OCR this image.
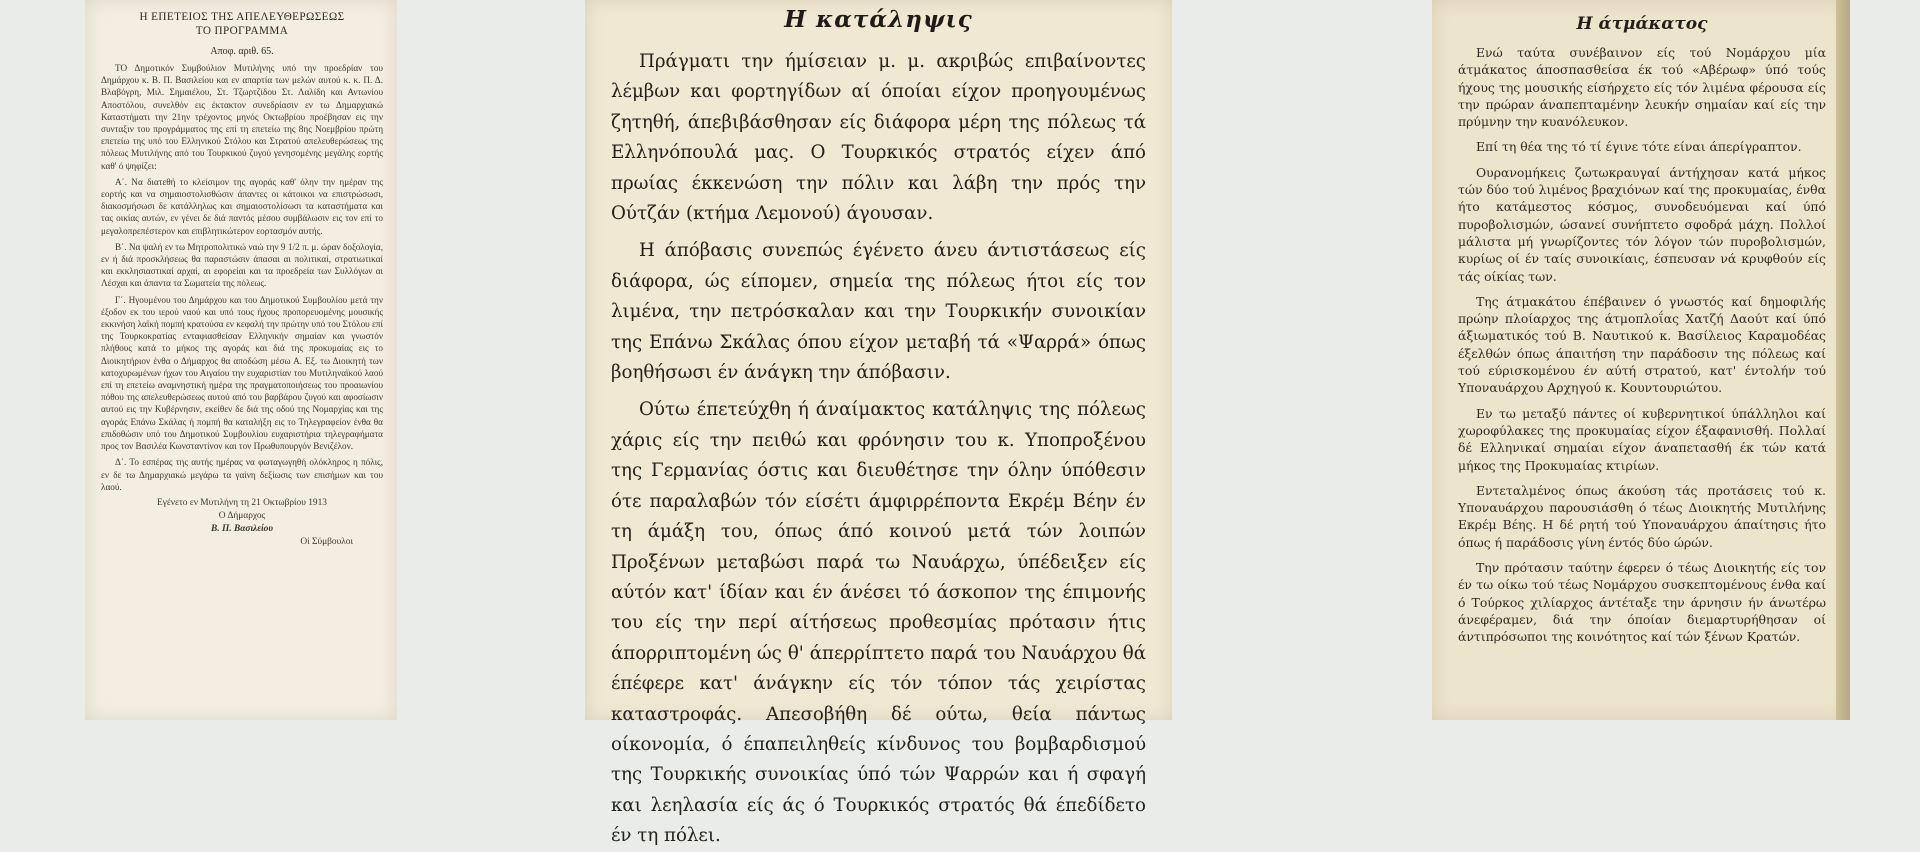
Η ΕΠΕΤΕΙΟΣ ΤΗΣ ΑΠΕΛΕΥΘΕΡΩΣΕΩΣ
ΤΟ ΠΡΟΓΡΑΜΜΑ
Αποφ. αριθ. 65.

ΤΟ Δημοτικόν Συμβούλιον Μυτιλήνης υπό την προεδρίαν του Δημάρχου κ. Β. Π. Βασιλείου και εν απαρτία των μελών αυτού κ. κ. Π. Δ. Βλαβόγρη, Μιλ. Σημαιέλου, Στ. Τζωρτζίδου Στ. Λαλίδη και Αντωνίου Αποστόλου, συνελθόν εις έκτακτον συνεδρίασιν εν τω Δημαρχιακώ Καταστήματι την 21ην τρέχοντος μηνός Οκτωβρίου προέβησαν εις την συνταξιν του προγράμματος της επί τη επετείω της 8ης Νοεμβρίου πρώτη επετείω της υπό του Ελληνικού Στόλου και Στρατού απελευθερώσεως της πόλεως Μυτιλήνης από του Τουρκικού ζυγού γενησομένης μεγάλης εορτής καθ' ό ψηφίζει:

Α΄. Να διατεθή το κλείσιμον της αγοράς καθ' όλην την ημέραν της εορτής και να σημαιοστολισθώσιν άπαντες οι κάτοικοι να επιστρώσωσι, διακοσμήσωσι δε κατάλληλως και σημαιοστολίσωσι τα καταστήματα και τας οικίας αυτών, εν γένει δε διά παντός μέσου συμβάλωσιν εις τον επί το μεγαλοπρεπέστερον και επιβλητικώτερον εορτασμόν αυτής.

Β΄. Να ψαλή εν τω Μητροπολιτικώ ναώ την 9 1/2 π. μ. ώραν δοξολογία, εν ή διά προσκλήσεως θα παραστώσιν άπασαι αι πολιτικαί, στρατιωτικαί και εκκλησιαστικαί αρχαί, αι εφορείαι και τα προεδρεία των Συλλόγων αι Λέσχαι και άπαντα τα Σωματεία της πόλεως.

Γ΄. Ηγουμένου του Δημάρχου και του Δημοτικού Συμβουλίου μετά την έξοδον εκ του ιερού ναού και υπό τους ήχους προπορευομένης μουσικής εκκινήση λαϊκή πομπή κρατούσα εν κεφαλή την πρώτην υπό του Στόλου επί της Τουρκοκρατίας ενταφιασθείσαν Ελληνικήν σημαίαν και γνωστόν πλήθους κατά το μήκος της αγοράς και διά της προκυμαίας εις το Διοικητήριον ένθα ο Δήμαρχος θα αποδώση μέσω Α. Εξ. τω Διοικητή των κατοχυρωμένων ήχων του Αιγαίου την ευχαριστίαν του Μυτιληναϊκού λαού επί τη επετείω αναμνηστική ημέρα της πραγματοποιήσεως του προαιωνίου πόθου της απελευθερώσεως αυτού από του βαρβάρου ζυγού και αφοσίωσιν αυτού εις την Κυβέρνησιν, εκείθεν δε διά της οδού της Νομαρχίας και της αγοράς Επάνω Σκάλας ή πομπή θα καταλήξη εις το Τηλεγραφείον ένθα θα επιδοθώσιν υπό του Δημοτικού Συμβουλίου ευχαριστήρια τηλεγραφήματα προς τον Βασιλέα Κωνσταντίνον και τον Πρωθυπουργόν Βενιζέλον.

Δ΄. Το εσπέρας της αυτής ημέρας να φωταγωγηθή ολόκληρος η πόλις, εν δε τω Δημαρχιακώ μεγάρω τα γαίνη δεξίωσις των επισήμων και του λαού.

Εγένετο εν Μυτιλήνη τη 21 Οκτωβρίου 1913

Ο Δήμαρχος

Β. Π. Βασιλείου

Οί Σύμβουλοι

Η κατάληψις

Πράγματι την ήμίσειαν μ. μ. ακριβώς επιβαίνοντες λέμβων και φορτηγίδων αί όποίαι είχον προηγουμένως ζητηθή, άπεβιβάσθησαν είς διάφορα μέρη της πόλεως τά Ελληνόπουλά μας. Ο Τουρκικός στρατός είχεν άπό πρωίας έκκενώση την πόλιν και λάβη την πρός την Ούτζάν (κτήμα Λεμονού) άγουσαν.

Η άπόβασις συνεπώς έγένετο άνευ άντιστάσεως είς διάφορα, ώς είπομεν, σημεία της πόλεως ήτοι είς τον λιμένα, την πετρόσκαλαν και την Τουρκικήν συνοικίαν της Επάνω Σκάλας όπου είχον μεταβή τά «Ψαρρά» όπως βοηθήσωσι έν άνάγκη την άπόβασιν.

Ούτω έπετεύχθη ή άναίμακτος κατάληψις της πόλεως χάρις είς την πειθώ και φρόνησιν του κ. Υποπροξένου της Γερμανίας όστις και διευθέτησε την όλην ύπόθεσιν ότε παραλαβών τόν είσέτι άμφιρρέποντα Εκρέμ Βέην έν τη άμάξη του, όπως άπό κοινού μετά τών λοιπών Προξένων μεταβώσι παρά τω Ναυάρχω, ύπέδειξεν είς αύτόν κατ' ίδίαν και έν άνέσει τό άσκοπον της έπιμονής του είς την περί αίτήσεως προθεσμίας πρότασιν ήτις άπορριπτομένη ώς θ' άπερρίπτετο παρά του Ναυάρχου θά έπέφερε κατ' άνάγκην είς τόν τόπον τάς χειρίστας καταστροφάς. Απεσοβήθη δέ ούτω, θεία πάντως οίκονομία, ό έπαπειληθείς κίνδυνος του βομβαρδισμού της Τουρκικής συνοικίας ύπό τών Ψαρρών και ή σφαγή και λεηλασία είς άς ό Τουρκικός στρατός θά έπεδίδετο έν τη πόλει.

Η άτμάκατος

Ενώ ταύτα συνέβαινον είς τού Νομάρχου μία άτμάκατος άποσπασθείσα έκ τού «Αβέρωφ» ύπό τούς ήχους της μουσικής είσήρχετο είς τόν λιμένα φέρουσα είς την πρώραν άναπεπταμένην λευκήν σημαίαν καί είς την πρύμνην την κυανόλευκον.

Επί τη θέα της τό τί έγινε τότε είναι άπερίγραπτον.

Ουρανομήκεις ζωτωκραυγαί άντήχησαν κατά μήκος τών δύο τού λιμένος βραχιόνων καί της προκυμαίας, ένθα ήτο κατάμεστος κόσμος, συνοδευόμεναι καί ύπό πυροβολισμών, ώσανεί συνήπτετο σφοδρά μάχη. Πολλοί μάλιστα μή γνωρίζοντες τόν λόγον τών πυροβολισμών, κυρίως οί έν ταίς συνοικίαις, έσπευσαν νά κρυφθούν είς τάς οίκίας των.

Της άτμακάτου έπέβαινεν ό γνωστός καί δημοφιλής πρώην πλοίαρχος της άτμοπλοΐας Χατζή Δαούτ καί ύπό άξιωματικός τού Β. Ναυτικού κ. Βασίλειος Καραμοδέας έξελθών όπως άπαιτήση την παράδοσιν της πόλεως καί τού εύρισκομένου έν αύτή στρατού, κατ' έντολήν τού Υποναυάρχου Αρχηγού κ. Κουντουριώτου.

Εν τω μεταξύ πάντες οί κυβερνητικοί ύπάλληλοι καί χωροφύλακες της προκυμαίας είχον έξαφανισθή. Πολλαί δέ Ελληνικαί σημαίαι είχον άναπετασθή έκ τών κατά μήκος της Προκυμαίας κτιρίων.

Εντεταλμένος όπως άκούση τάς προτάσεις τού κ. Υποναυάρχου παρουσιάσθη ό τέως Διοικητής Μυτιλήνης Εκρέμ Βέης. Η δέ ρητή τού Υποναυάρχου άπαίτησις ήτο όπως ή παράδοσις γίνη έντός δύο ώρών.

Την πρότασιν ταύτην έφερεν ό τέως Διοικητής είς τον έν τω οίκω τού τέως Νομάρχου συσκεπτομένους ένθα καί ό Τούρκος χιλίαρχος άντέταξε την άρνησιν ήν άνωτέρω άνεφέραμεν, διά την όποίαν διεμαρτυρήθησαν οί άντιπρόσωποι της κοινότητος καί τών ξένων Κρατών.
